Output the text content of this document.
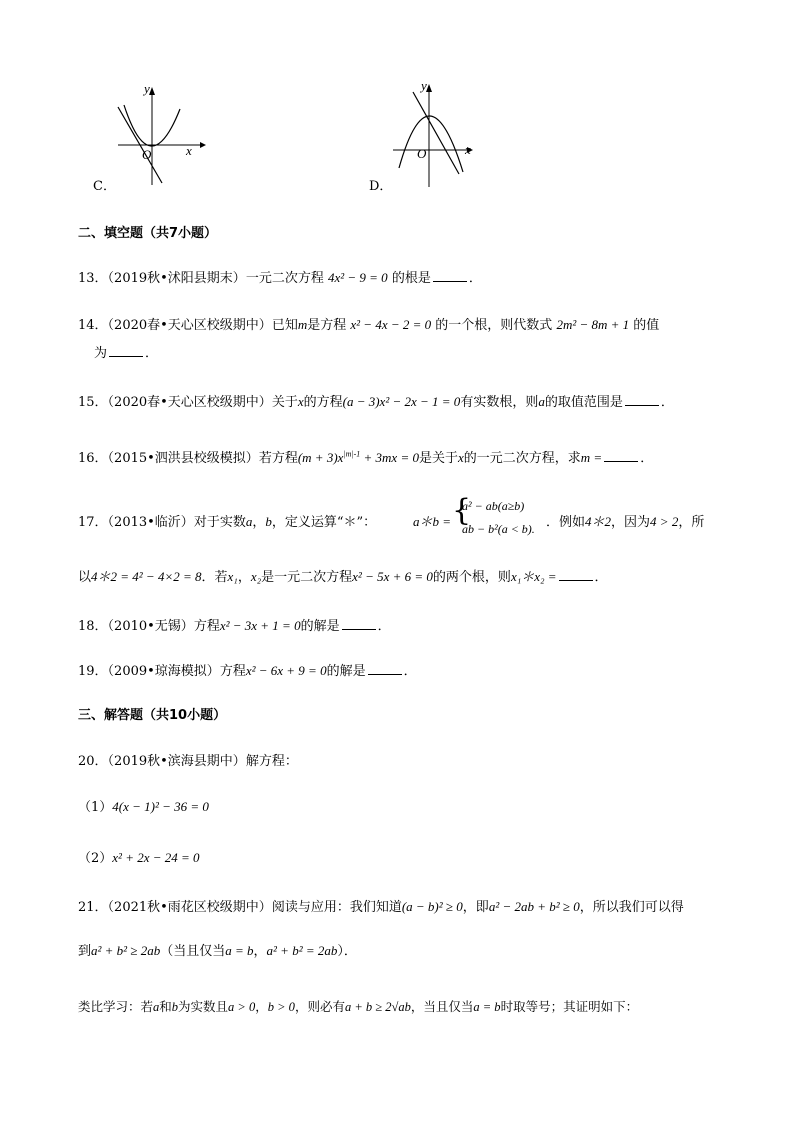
y
x
O
C．
y
x
O
D．
二、填空题（共7小题）
13．（2019秋•沭阳县期末）一元二次方程 4x² − 9 = 0 的根是	．
14．（2020春•天心区校级期中）已知m是方程 x² − 4x − 2 = 0 的一个根，则代数式 2m² − 8m + 1 的值
为	．
15．（2020春•天心区校级期中）关于x的方程(a − 3)x² − 2x − 1 = 0有实数根，则a的取值范围是	．
16．（2015•泗洪县校级模拟）若方程$(m + 3)x^{|m|-1} + 3mx = 0$是关于x的一元二次方程，求m =	．
17．（2013•临沂）对于实数a，b，定义运算“＊”：	a＊b = {
a² − ab(a≥b)
ab − b²(a < b). ．例如4＊2，因为4 > 2，所
以4＊2 = 4² − 4×2 = 8．若x₁，x₂是一元二次方程x² − 5x + 6 = 0的两个根，则x₁＊x₂ =	．
18．（2010•无锡）方程x² − 3x + 1 = 0的解是	．
19．（2009•琼海模拟）方程x² − 6x + 9 = 0的解是	．
三、解答题（共10小题）
20．（2019秋•滨海县期中）解方程：
（1）4(x − 1)² − 36 = 0
（2）x² + 2x − 24 = 0
21．（2021秋•雨花区校级期中）阅读与应用：我们知道(a − b)² ≥ 0，即a² − 2ab + b² ≥ 0，所以我们可以得
到a² + b² ≥ 2ab（当且仅当a = b，a² + b² = 2ab）．
类比学习：若a和b为实数且a > 0，b > 0，则必有a + b ≥ 2√ab，当且仅当a = b时取等号；其证明如下：
